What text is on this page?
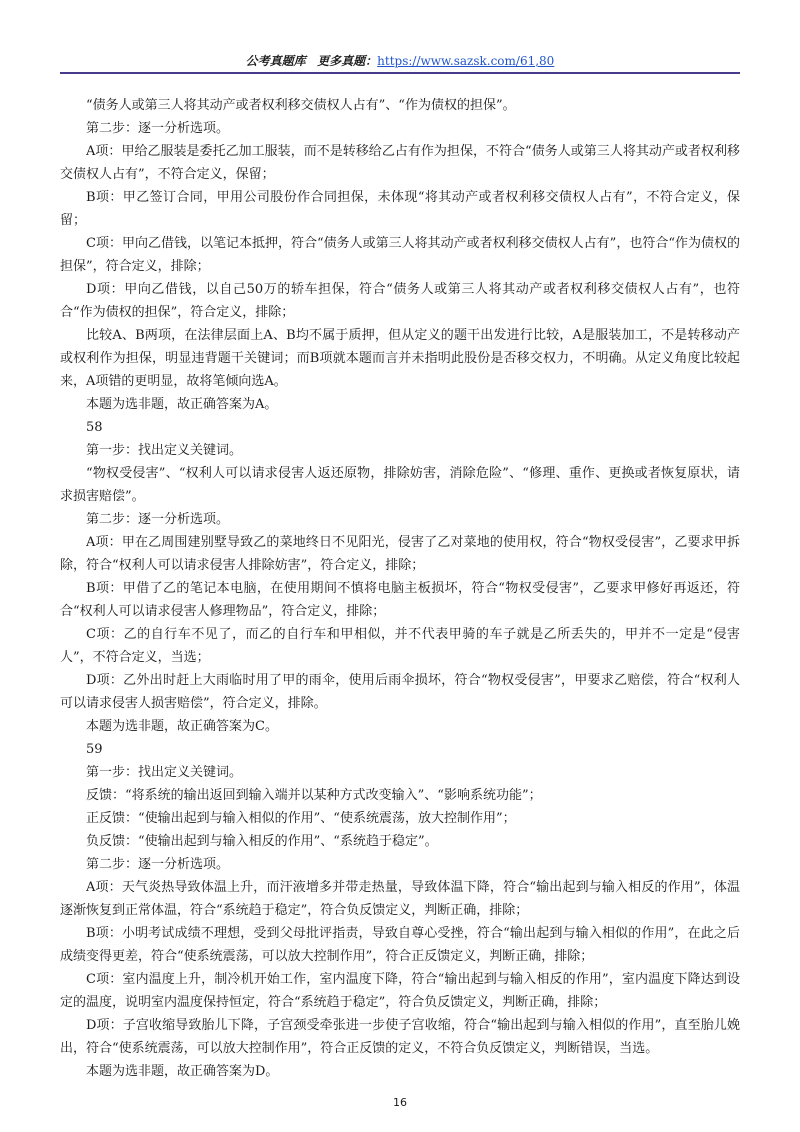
公考真题库 更多真题：https://www.sazsk.com/61,80

“债务人或第三人将其动产或者权利移交债权人占有”、“作为债权的担保”。

第二步：逐一分析选项。

A项：甲给乙服装是委托乙加工服装，而不是转移给乙占有作为担保，不符合“债务人或第三人将其动产或者权利移交债权人占有”，不符合定义，保留；

B项：甲乙签订合同，甲用公司股份作合同担保，未体现“将其动产或者权利移交债权人占有”，不符合定义，保留；

C项：甲向乙借钱，以笔记本抵押，符合“债务人或第三人将其动产或者权利移交债权人占有”，也符合“作为债权的担保”，符合定义，排除；

D项：甲向乙借钱，以自己50万的轿车担保，符合“债务人或第三人将其动产或者权利移交债权人占有”，也符合“作为债权的担保”，符合定义，排除；

比较A、B两项，在法律层面上A、B均不属于质押，但从定义的题干出发进行比较，A是服装加工，不是转移动产或权利作为担保，明显违背题干关键词；而B项就本题而言并未指明此股份是否移交权力，不明确。从定义角度比较起来，A项错的更明显，故将笔倾向选A。

本题为选非题，故正确答案为A。

58

第一步：找出定义关键词。

“物权受侵害”、“权利人可以请求侵害人返还原物，排除妨害，消除危险”、“修理、重作、更换或者恢复原状，请求损害赔偿”。

第二步：逐一分析选项。

A项：甲在乙周围建别墅导致乙的菜地终日不见阳光，侵害了乙对菜地的使用权，符合“物权受侵害”，乙要求甲拆除，符合“权利人可以请求侵害人排除妨害”，符合定义，排除；

B项：甲借了乙的笔记本电脑，在使用期间不慎将电脑主板损坏，符合“物权受侵害”，乙要求甲修好再返还，符合“权利人可以请求侵害人修理物品”，符合定义，排除；

C项：乙的自行车不见了，而乙的自行车和甲相似，并不代表甲骑的车子就是乙所丢失的，甲并不一定是“侵害人”，不符合定义，当选；

D项：乙外出时赶上大雨临时用了甲的雨伞，使用后雨伞损坏，符合“物权受侵害”，甲要求乙赔偿，符合“权利人可以请求侵害人损害赔偿”，符合定义，排除。

本题为选非题，故正确答案为C。

59

第一步：找出定义关键词。

反馈：“将系统的输出返回到输入端并以某种方式改变输入”、“影响系统功能”；

正反馈：“使输出起到与输入相似的作用”、“使系统震荡，放大控制作用”；

负反馈：“使输出起到与输入相反的作用”、“系统趋于稳定”。

第二步：逐一分析选项。

A项：天气炎热导致体温上升，而汗液增多并带走热量，导致体温下降，符合“输出起到与输入相反的作用”，体温逐渐恢复到正常体温，符合“系统趋于稳定”，符合负反馈定义，判断正确，排除；

B项：小明考试成绩不理想，受到父母批评指责，导致自尊心受挫，符合“输出起到与输入相似的作用”，在此之后成绩变得更差，符合“使系统震荡，可以放大控制作用”，符合正反馈定义，判断正确，排除；

C项：室内温度上升，制冷机开始工作，室内温度下降，符合“输出起到与输入相反的作用”，室内温度下降达到设定的温度，说明室内温度保持恒定，符合“系统趋于稳定”，符合负反馈定义，判断正确，排除；

D项：子宫收缩导致胎儿下降，子宫颈受牵张进一步使子宫收缩，符合“输出起到与输入相似的作用”，直至胎儿娩出，符合“使系统震荡，可以放大控制作用”，符合正反馈的定义，不符合负反馈定义，判断错误，当选。

本题为选非题，故正确答案为D。

16
